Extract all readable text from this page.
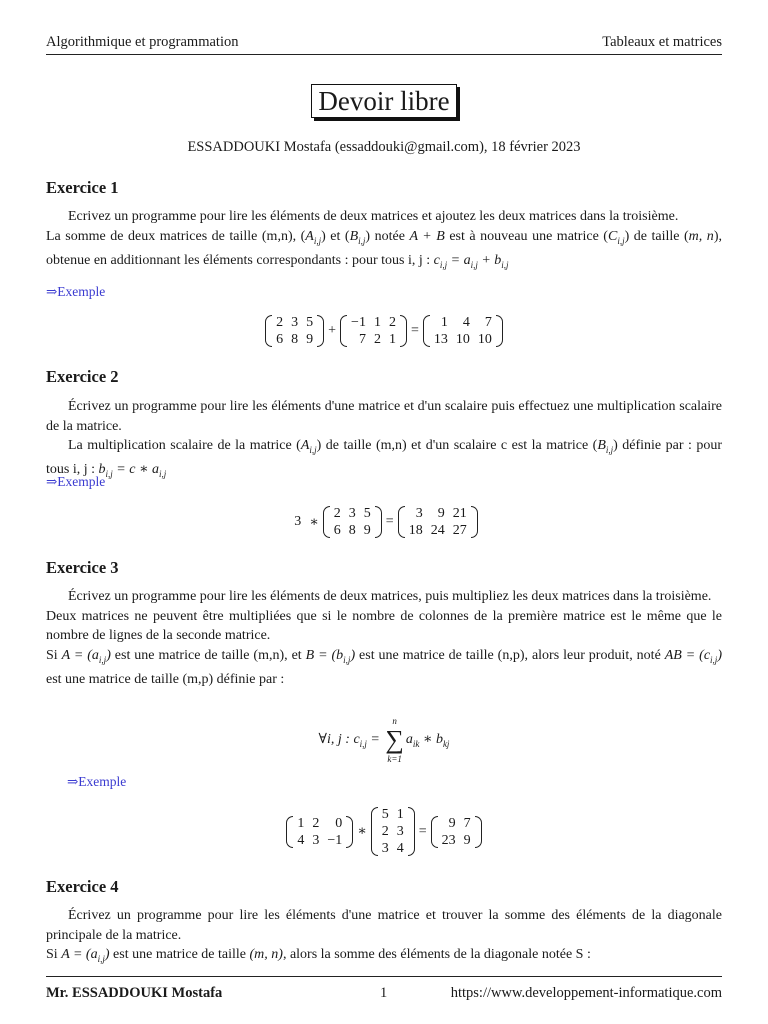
Algorithmique et programmation	Tableaux et matrices
Devoir libre
ESSADDOUKI Mostafa (essaddouki@gmail.com), 18 février 2023
Exercice 1

Ecrivez un programme pour lire les éléments de deux matrices et ajoutez les deux matrices dans la troisième.

La somme de deux matrices de taille (m,n), $(A_{i,j})$ et $(B_{i,j})$ notée A + B est à nouveau une matrice $(C_{i,j})$ de taille (m, n), obtenue en additionnant les éléments correspondants : pour tous i, j : $c_{i,j} = a_{i,j} + b_{i,j}$

⇒Exemple
2	3	5
6	8	9
+
−1	1	2
7	2	1
=
1	4	7
13	10	10
Exercice 2

Écrivez un programme pour lire les éléments d'une matrice et d'un scalaire puis effectuez une multiplication scalaire de la matrice.

La multiplication scalaire de la matrice $(A_{i,j})$ de taille (m,n) et d'un scalaire c est la matrice $(B_{i,j})$ définie par : pour tous i, j : $b_{i,j} = c$ ∗ $a_{i,j}$

⇒Exemple
3 ∗
2	3	5
6	8	9
=
3	9	21
18	24	27
Exercice 3

Écrivez un programme pour lire les éléments de deux matrices, puis multipliez les deux matrices dans la troisième.

Deux matrices ne peuvent être multipliées que si le nombre de colonnes de la première matrice est le même que le nombre de lignes de la seconde matrice.

Si $A = (a_{i,j})$ est une matrice de taille (m,n), et $B = (b_{i,j})$ est une matrice de taille (n,p), alors leur produit, noté AB = $(c_{i,j})$ est une matrice de taille (m,p) définie par :

∀i, j : $c_{i,j}$ =
n
∑
k=1
$a_{ik}$ ∗ $b_{kj}$
⇒Exemple
1	2	0
4	3	−1
∗
5	1
2	3
3	4
=
9	7
23	9
Exercice 4

Écrivez un programme pour lire les éléments d'une matrice et trouver la somme des éléments de la diagonale principale de la matrice.

Si $A = (a_{i,j})$ est une matrice de taille (m, n), alors la somme des éléments de la diagonale notée S :

Mr. ESSADDOUKI Mostafa	1	https://www.developpement-informatique.com
